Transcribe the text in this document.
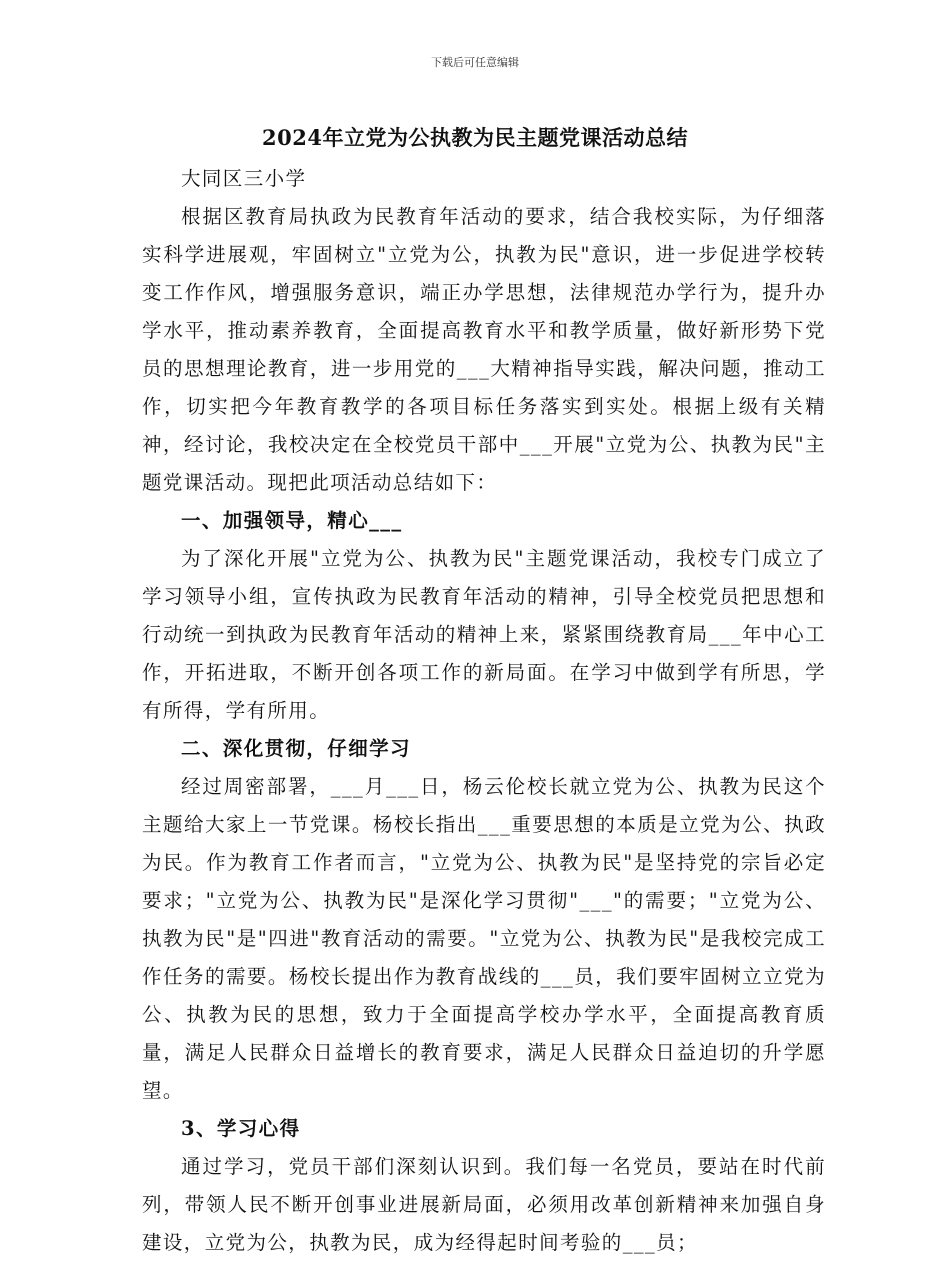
下载后可任意编辑
2024年立党为公执教为民主题党课活动总结

大同区三小学

根据区教育局执政为民教育年活动的要求，结合我校实际，为仔细落实科学进展观，牢固树立"立党为公，执教为民"意识，进一步促进学校转变工作作风，增强服务意识，端正办学思想，法律规范办学行为，提升办学水平，推动素养教育，全面提高教育水平和教学质量，做好新形势下党员的思想理论教育，进一步用党的___大精神指导实践，解决问题，推动工作，切实把今年教育教学的各项目标任务落实到实处。根据上级有关精神，经讨论，我校决定在全校党员干部中___开展"立党为公、执教为民"主题党课活动。现把此项活动总结如下：

一、加强领导，精心___

为了深化开展"立党为公、执教为民"主题党课活动，我校专门成立了学习领导小组，宣传执政为民教育年活动的精神，引导全校党员把思想和行动统一到执政为民教育年活动的精神上来，紧紧围绕教育局___年中心工作，开拓进取，不断开创各项工作的新局面。在学习中做到学有所思，学有所得，学有所用。

二、深化贯彻，仔细学习

经过周密部署，___月___日，杨云伦校长就立党为公、执教为民这个主题给大家上一节党课。杨校长指出___重要思想的本质是立党为公、执政为民。作为教育工作者而言，"立党为公、执教为民"是坚持党的宗旨必定要求；"立党为公、执教为民"是深化学习贯彻"___"的需要；"立党为公、执教为民"是"四进"教育活动的需要。"立党为公、执教为民"是我校完成工作任务的需要。杨校长提出作为教育战线的___员，我们要牢固树立立党为公、执教为民的思想，致力于全面提高学校办学水平，全面提高教育质量，满足人民群众日益增长的教育要求，满足人民群众日益迫切的升学愿望。

3、学习心得

通过学习，党员干部们深刻认识到。我们每一名党员，要站在时代前列，带领人民不断开创事业进展新局面，必须用改革创新精神来加强自身建设，立党为公，执教为民，成为经得起时间考验的___员；
